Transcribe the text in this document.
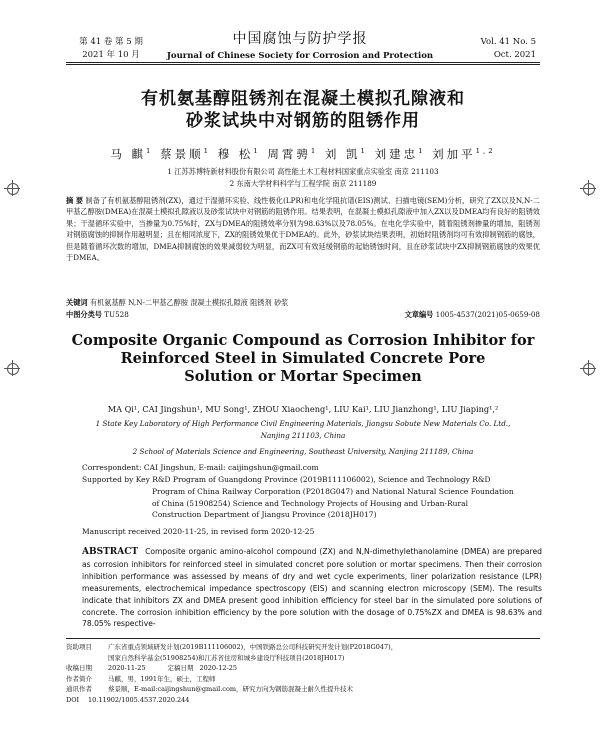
第 41 卷 第 5 期
2021 年 10 月
中国腐蚀与防护学报
Journal of Chinese Society for Corrosion and Protection
Vol. 41 No. 5
Oct. 2021
有机氨基醇阻锈剂在混凝土模拟孔隙液和
砂浆试块中对钢筋的阻锈作用
马 麒$^1$ 蔡景顺$^1$ 穆 松$^1$ 周霄骋$^1$ 刘 凯$^1$ 刘建忠$^1$ 刘加平$^{1,2}$
1 江苏苏博特新材料股份有限公司 高性能土木工程材料国家重点实验室 南京 211103
2 东南大学材料科学与工程学院 南京 211189
摘 要 制备了有机氨基醇阻锈剂(ZX)，通过干湿循环实验、线性极化(LPR)和电化学阻抗谱(EIS)测试、扫描电镜(SEM)分析，研究了ZX以及N,N-二甲基乙醇胺(DMEA)在混凝土模拟孔隙液以及砂浆试块中对钢筋的阻锈作用。结果表明，在混凝土模拟孔隙液中加入ZX以及DMEA均有良好的阻锈效果；干湿循环实验中，当掺量为0.75%时，ZX与DMEA的阻锈效率分别为98.63%以及78.05%。在电化学实验中，随着阻锈剂掺量的增加，阻锈剂对钢筋腐蚀的抑制作用越明显；且在相同浓度下，ZX的阻锈效果优于DMEA的。此外，砂浆试块结果表明，初始时阻锈剂均可有效抑制钢筋的腐蚀，但是随着循环次数的增加，DMEA抑制腐蚀的效果减弱较为明显，而ZX可有效延缓钢筋的起始锈蚀时间，且在砂浆试块中ZX抑制钢筋腐蚀的效果优于DMEA。
关键词 有机氨基醇 N,N-二甲基乙醇胺 混凝土模拟孔隙液 阻锈剂 砂浆
中图分类号 TU528	文章编号 1005-4537(2021)05-0659-08
Composite Organic Compound as Corrosion Inhibitor for
Reinforced Steel in Simulated Concrete Pore
Solution or Mortar Specimen
MA Qi¹, CAI Jingshun¹, MU Song¹, ZHOU Xiaocheng¹, LIU Kai¹, LIU Jianzhong¹, LIU Jiaping¹,²
1 State Key Laboratory of High Performance Civil Engineering Materials, Jiangsu Sobute New Materials Co. Ltd.,
Nanjing 211103, China
2 School of Materials Science and Engineering, Southeast University, Nanjing 211189, China
Correspondent: CAI Jingshun, E-mail: caijingshun@gmail.com
Supported by Key R&D Program of Guangdong Province (2019B111106002), Science and Technology R&D
Program of China Railway Corporation (P2018G047) and National Natural Science Foundation
of China (51908254) Science and Technology Projects of Housing and Urban-Rural
Construction Department of Jiangsu Province (2018JH017)
Manuscript received 2020-11-25, in revised form 2020-12-25
ABSTRACT Composite organic amino-alcohol compound (ZX) and N,N-dimethylethanolamine (DMEA) are prepared as corrosion inhibitors for reinforced steel in simulated concret pore solution or mortar specimens. Then their corrosion inhibition performance was assessed by means of dry and wet cycle experiments, liner polarization resistance (LPR) measurements, electrochemical impedance spectroscopy (EIS) and scanning electron microscopy (SEM). The results indicate that inhibitors ZX and DMEA present good inhibition efficiency for steel bar in the simulated pore solutions of concrete. The corrosion inhibition efficiency by the pore solution with the dosage of 0.75%ZX and DMEA is 98.63% and 78.05% respective-
资助项目	广东省重点领域研发计划(2019B111106002)，中国铁路总公司科技研究开发计划(P2018G047)，
国家自然科学基金(51908254)和江苏省住房和城乡建设厅科技项目(2018JH017)
收稿日期	2020-11-25	定稿日期 2020-12-25
作者简介	马麒，男，1991年生，硕士，工程师
通讯作者	蔡景顺，E-mail:caijingshun@gmail.com，研究方向为钢筋混凝土耐久性提升技术
DOI	10.11902/1005.4537.2020.244
